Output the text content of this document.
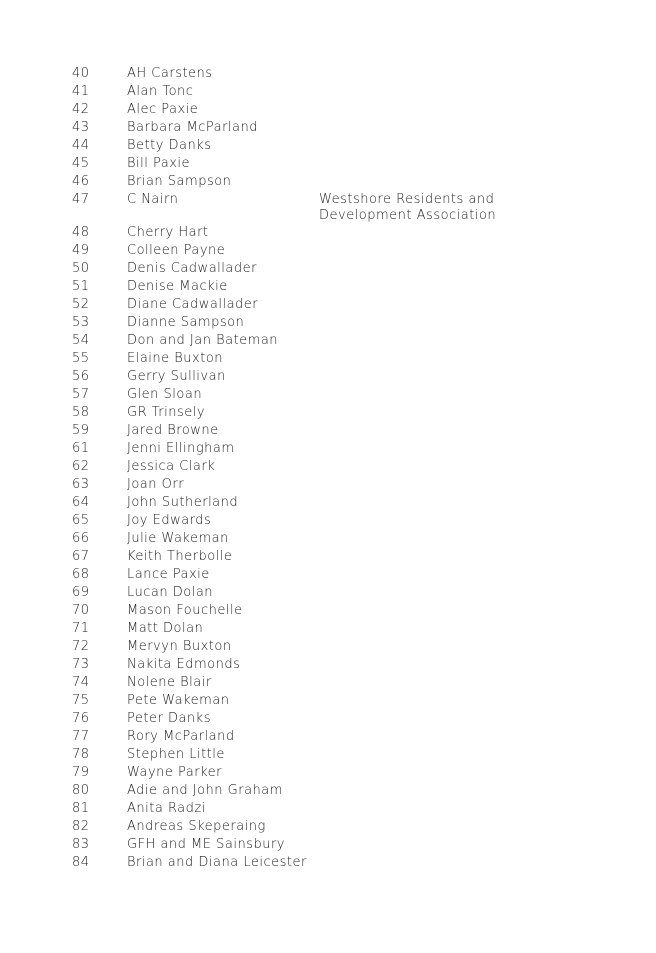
40	AH Carstens
41	Alan Tonc
42	Alec Paxie
43	Barbara McParland
44	Betty Danks
45	Bill Paxie
46	Brian Sampson
47	C Nairn	Westshore Residents and Development Association
48	Cherry Hart
49	Colleen Payne
50	Denis Cadwallader
51	Denise Mackie
52	Diane Cadwallader
53	Dianne Sampson
54	Don and Jan Bateman
55	Elaine Buxton
56	Gerry Sullivan
57	Glen Sloan
58	GR Trinsely
59	Jared Browne
61	Jenni Ellingham
62	Jessica Clark
63	Joan Orr
64	John Sutherland
65	Joy Edwards
66	Julie Wakeman
67	Keith Therbolle
68	Lance Paxie
69	Lucan Dolan
70	Mason Fouchelle
71	Matt Dolan
72	Mervyn Buxton
73	Nakita Edmonds
74	Nolene Blair
75	Pete Wakeman
76	Peter Danks
77	Rory McParland
78	Stephen Little
79	Wayne Parker
80	Adie and John Graham
81	Anita Radzi
82	Andreas Skeperaing
83	GFH and ME Sainsbury
84	Brian and Diana Leicester
